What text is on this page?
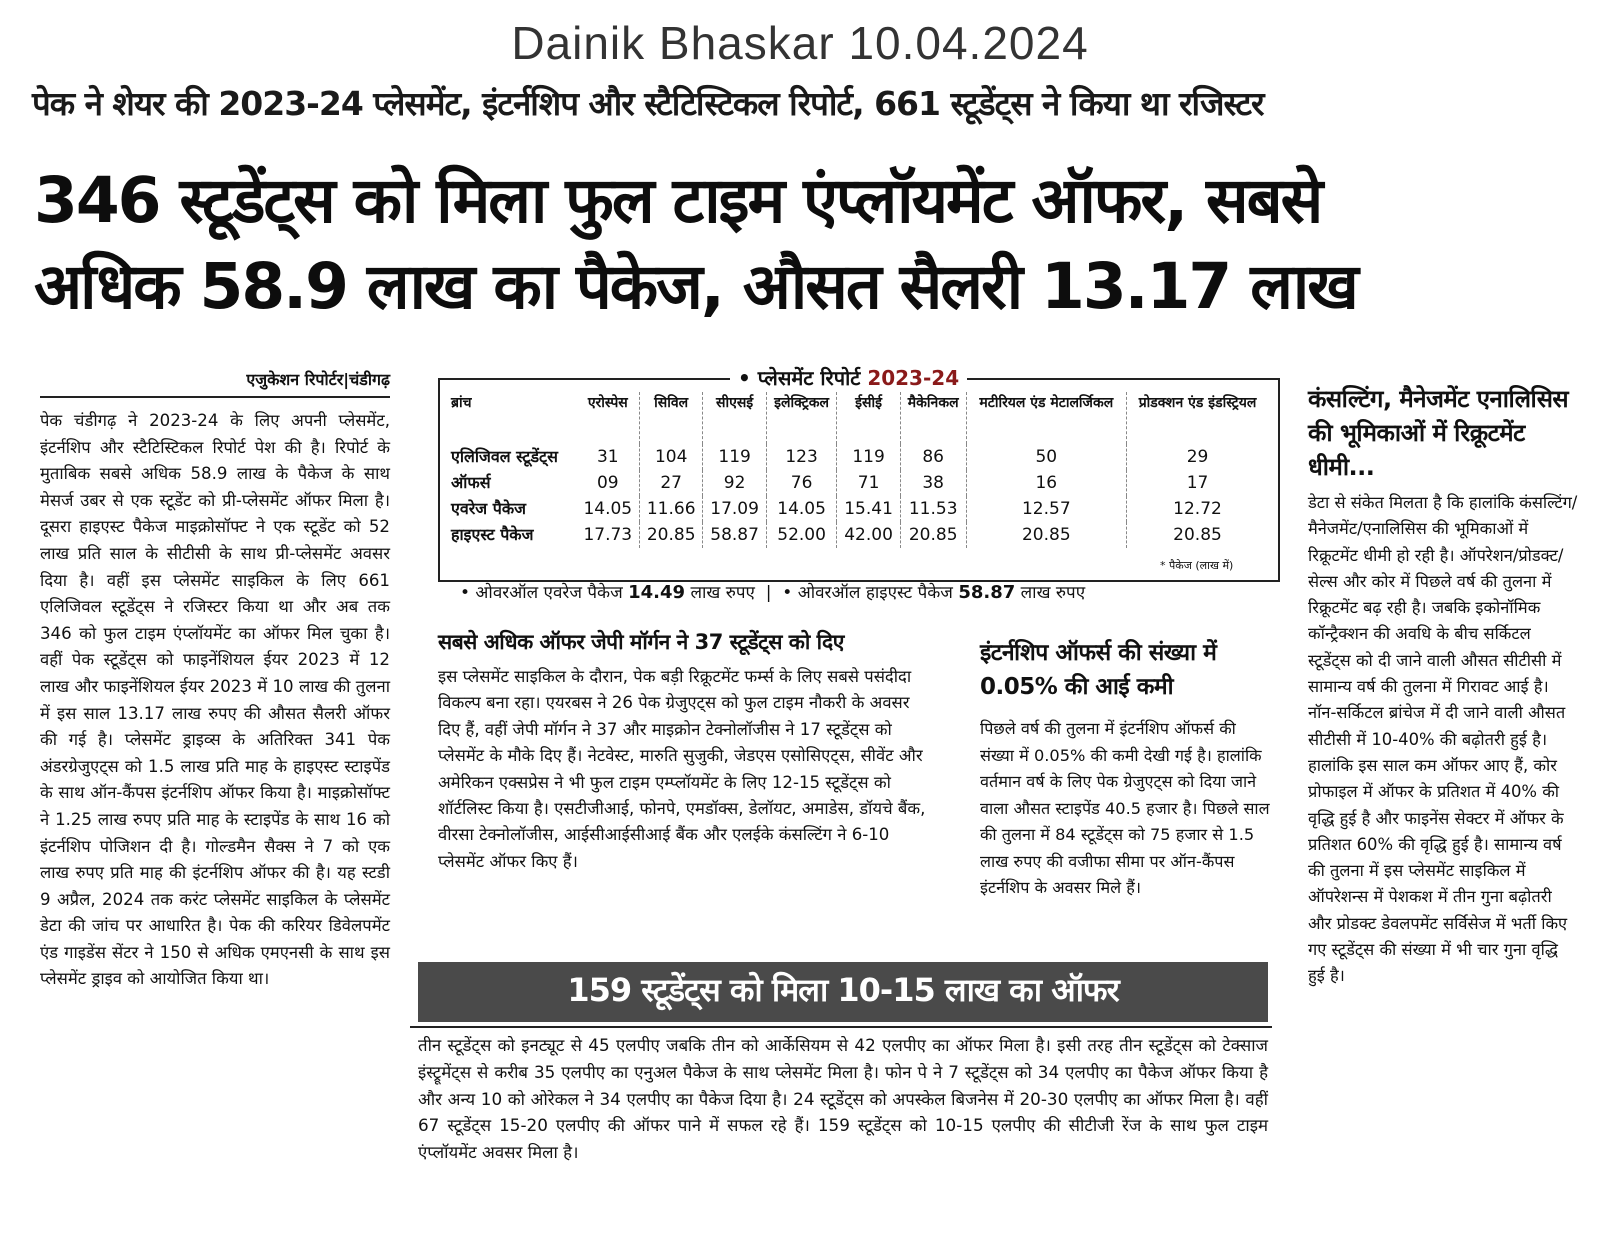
Dainik Bhaskar 10.04.2024
पेक ने शेयर की 2023-24 प्लेसमेंट, इंटर्नशिप और स्टैटिस्टिकल रिपोर्ट, 661 स्टूडेंट्स ने किया था रजिस्टर
346 स्टूडेंट्स को मिला फुल टाइम एंप्लॉयमेंट ऑफर, सबसे
अधिक 58.9 लाख का पैकेज, औसत सैलरी 13.17 लाख
एजुकेशन रिपोर्टर|चंडीगढ़

पेक चंडीगढ़ ने 2023-24 के लिए अपनी प्लेसमेंट, इंटर्नशिप और स्टैटिस्टिकल रिपोर्ट पेश की है। रिपोर्ट के मुताबिक सबसे अधिक 58.9 लाख के पैकेज के साथ मेसर्ज उबर से एक स्टूडेंट को प्री-प्लेसमेंट ऑफर मिला है। दूसरा हाइएस्ट पैकेज माइक्रोसॉफ्ट ने एक स्टूडेंट को 52 लाख प्रति साल के सीटीसी के साथ प्री-प्लेसमेंट अवसर दिया है। वहीं इस प्लेसमेंट साइकिल के लिए 661 एलिजिवल स्टूडेंट्स ने रजिस्टर किया था और अब तक 346 को फुल टाइम एंप्लॉयमेंट का ऑफर मिल चुका है। वहीं पेक स्टूडेंट्स को फाइनेंशियल ईयर 2023 में 12 लाख और फाइनेंशियल ईयर 2023 में 10 लाख की तुलना में इस साल 13.17 लाख रुपए की औसत सैलरी ऑफर की गई है। प्लेसमेंट ड्राइव्स के अतिरिक्त 341 पेक अंडरग्रेजुएट्स को 1.5 लाख प्रति माह के हाइएस्ट स्टाइपेंड के साथ ऑन-कैंपस इंटर्नशिप ऑफर किया है। माइक्रोसॉफ्ट ने 1.25 लाख रुपए प्रति माह के स्टाइपेंड के साथ 16 को इंटर्नशिप पोजिशन दी है। गोल्डमैन सैक्स ने 7 को एक लाख रुपए प्रति माह की इंटर्नशिप ऑफर की है। यह स्टडी 9 अप्रैल, 2024 तक करंट प्लेसमेंट साइकिल के प्लेसमेंट डेटा की जांच पर आधारित है। पेक की करियर डिवेलपमेंट एंड गाइडेंस सेंटर ने 150 से अधिक एमएनसी के साथ इस प्लेसमेंट ड्राइव को आयोजित किया था।

• प्लेसमेंट रिपोर्ट 2023-24
ब्रांच	एरोस्पेस	सिविल	सीएसई	इलेक्ट्रिकल	ईसीई	मैकेनिकल	मटीरियल एंड मेटालर्जिकल	प्रोडक्शन एंड इंडस्ट्रियल
एलिजिवल स्टूडेंट्स	31	104	119	123	119	86	50	29
ऑफर्स	09	27	92	76	71	38	16	17
एवरेज पैकेज	14.05	11.66	17.09	14.05	15.41	11.53	12.57	12.72
हाइएस्ट पैकेज	17.73	20.85	58.87	52.00	42.00	20.85	20.85	20.85
* पैकेज (लाख में)
• ओवरऑल एवरेज पैकेज 14.49 लाख रुपए  |  • ओवरऑल हाइएस्ट पैकेज 58.87 लाख रुपए
सबसे अधिक ऑफर जेपी मॉर्गन ने 37 स्टूडेंट्स को दिए

इस प्लेसमेंट साइकिल के दौरान, पेक बड़ी रिक्रूटमेंट फर्म्स के लिए सबसे पसंदीदा विकल्प बना रहा। एयरबस ने 26 पेक ग्रेजुएट्स को फुल टाइम नौकरी के अवसर दिए हैं, वहीं जेपी मॉर्गन ने 37 और माइक्रोन टेक्नोलॉजीस ने 17 स्टूडेंट्स को प्लेसमेंट के मौके दिए हैं। नेटवेस्ट, मारुति सुजुकी, जेडएस एसोसिएट्स, सीवेंट और अमेरिकन एक्सप्रेस ने भी फुल टाइम एम्प्लॉयमेंट के लिए 12-15 स्टूडेंट्स को शॉर्टलिस्ट किया है। एसटीजीआई, फोनपे, एमडॉक्स, डेलॉयट, अमाडेस, डॉयचे बैंक, वीरसा टेक्नोलॉजीस, आईसीआईसीआई बैंक और एलईके कंसल्टिंग ने 6-10 प्लेसमेंट ऑफर किए हैं।

इंटर्नशिप ऑफर्स की संख्या में 0.05% की आई कमी

पिछले वर्ष की तुलना में इंटर्नशिप ऑफर्स की संख्या में 0.05% की कमी देखी गई है। हालांकि वर्तमान वर्ष के लिए पेक ग्रेजुएट्स को दिया जाने वाला औसत स्टाइपेंड 40.5 हजार है। पिछले साल की तुलना में 84 स्टूडेंट्स को 75 हजार से 1.5 लाख रुपए की वजीफा सीमा पर ऑन-कैंपस इंटर्नशिप के अवसर मिले हैं।

159 स्टूडेंट्स को मिला 10-15 लाख का ऑफर

तीन स्टूडेंट्स को इनट्यूट से 45 एलपीए जबकि तीन को आर्केसियम से 42 एलपीए का ऑफर मिला है। इसी तरह तीन स्टूडेंट्स को टेक्साज इंस्ट्रूमेंट्स से करीब 35 एलपीए का एनुअल पैकेज के साथ प्लेसमेंट मिला है। फोन पे ने 7 स्टूडेंट्स को 34 एलपीए का पैकेज ऑफर किया है और अन्य 10 को ओरेकल ने 34 एलपीए का पैकेज दिया है। 24 स्टूडेंट्स को अपस्केल बिजनेस में 20-30 एलपीए का ऑफर मिला है। वहीं 67 स्टूडेंट्स 15-20 एलपीए की ऑफर पाने में सफल रहे हैं। 159 स्टूडेंट्स को 10-15 एलपीए की सीटीजी रेंज के साथ फुल टाइम एंप्लॉयमेंट अवसर मिला है।

कंसल्टिंग, मैनेजमेंट एनालिसिस की भूमिकाओं में रिक्रूटमेंट धीमी...

डेटा से संकेत मिलता है कि हालांकि कंसल्टिंग/मैनेजमेंट/एनालिसिस की भूमिकाओं में रिक्रूटमेंट धीमी हो रही है। ऑपरेशन/प्रोडक्ट/सेल्स और कोर में पिछले वर्ष की तुलना में रिक्रूटमेंट बढ़ रही है। जबकि इकोनॉमिक कॉन्ट्रैक्शन की अवधि के बीच सर्किटल स्टूडेंट्स को दी जाने वाली औसत सीटीसी में सामान्य वर्ष की तुलना में गिरावट आई है। नॉन-सर्किटल ब्रांचेज में दी जाने वाली औसत सीटीसी में 10-40% की बढ़ोतरी हुई है। हालांकि इस साल कम ऑफर आए हैं, कोर प्रोफाइल में ऑफर के प्रतिशत में 40% की वृद्धि हुई है और फाइनेंस सेक्टर में ऑफर के प्रतिशत 60% की वृद्धि हुई है। सामान्य वर्ष की तुलना में इस प्लेसमेंट साइकिल में ऑपरेशन्स में पेशकश में तीन गुना बढ़ोतरी और प्रोडक्ट डेवलपमेंट सर्विसेज में भर्ती किए गए स्टूडेंट्स की संख्या में भी चार गुना वृद्धि हुई है।
